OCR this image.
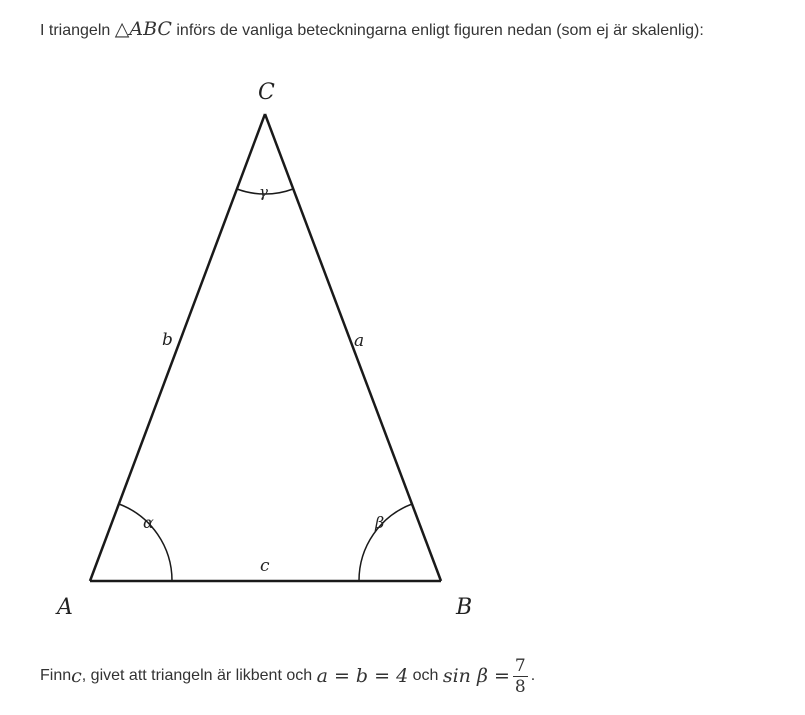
I triangeln △ABC införs de vanliga beteckningarna enligt figuren nedan (som ej är skalenlig):
C
A	B
b	a
c
α	β
γ
Finn c , givet att triangeln är likbent och a = b = 4 och $\sin \beta = \frac{7}{8}$ .
